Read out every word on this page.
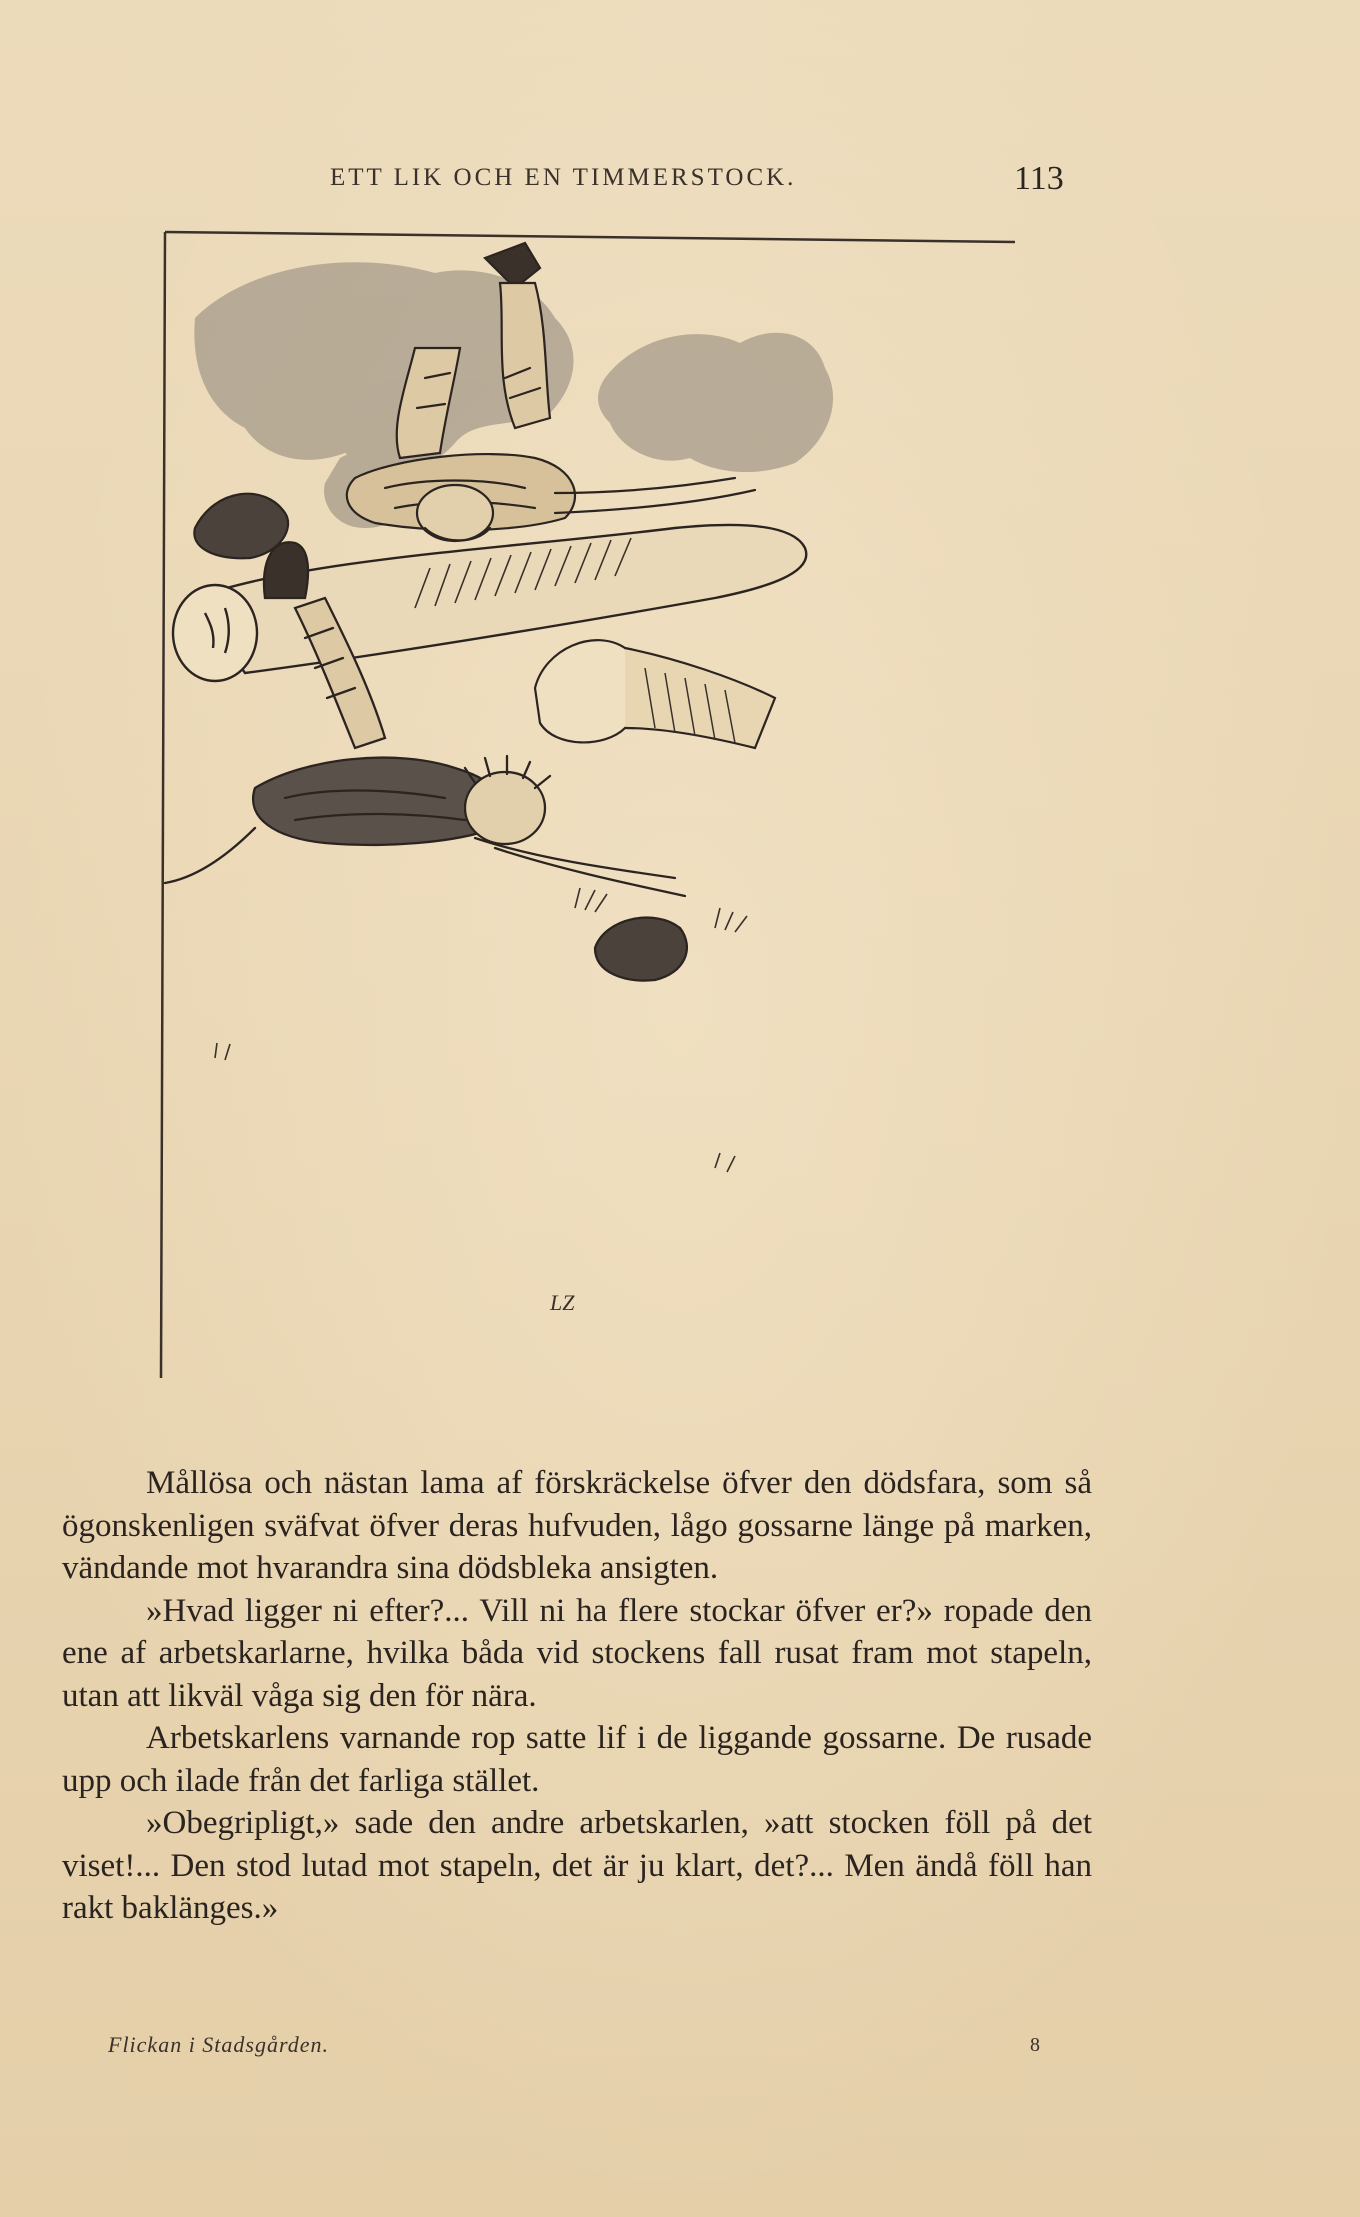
ETT LIK OCH EN TIMMERSTOCK.	113
LZ

Mållösa och nästan lama af förskräckelse öfver den dödsfara, som så ögonskenligen sväfvat öfver deras hufvuden, lågo gossarne länge på marken, vändande mot hvarandra sina dödsbleka ansigten.

»Hvad ligger ni efter?... Vill ni ha flere stockar öfver er?» ropade den ene af arbetskarlarne, hvilka båda vid stockens fall rusat fram mot stapeln, utan att likväl våga sig den för nära.

Arbetskarlens varnande rop satte lif i de liggande gossarne. De rusade upp och ilade från det farliga stället.

»Obegripligt,» sade den andre arbetskarlen, »att stocken föll på det viset!... Den stod lutad mot stapeln, det är ju klart, det?... Men ändå föll han rakt baklänges.»

Flickan i Stadsgården.	8
